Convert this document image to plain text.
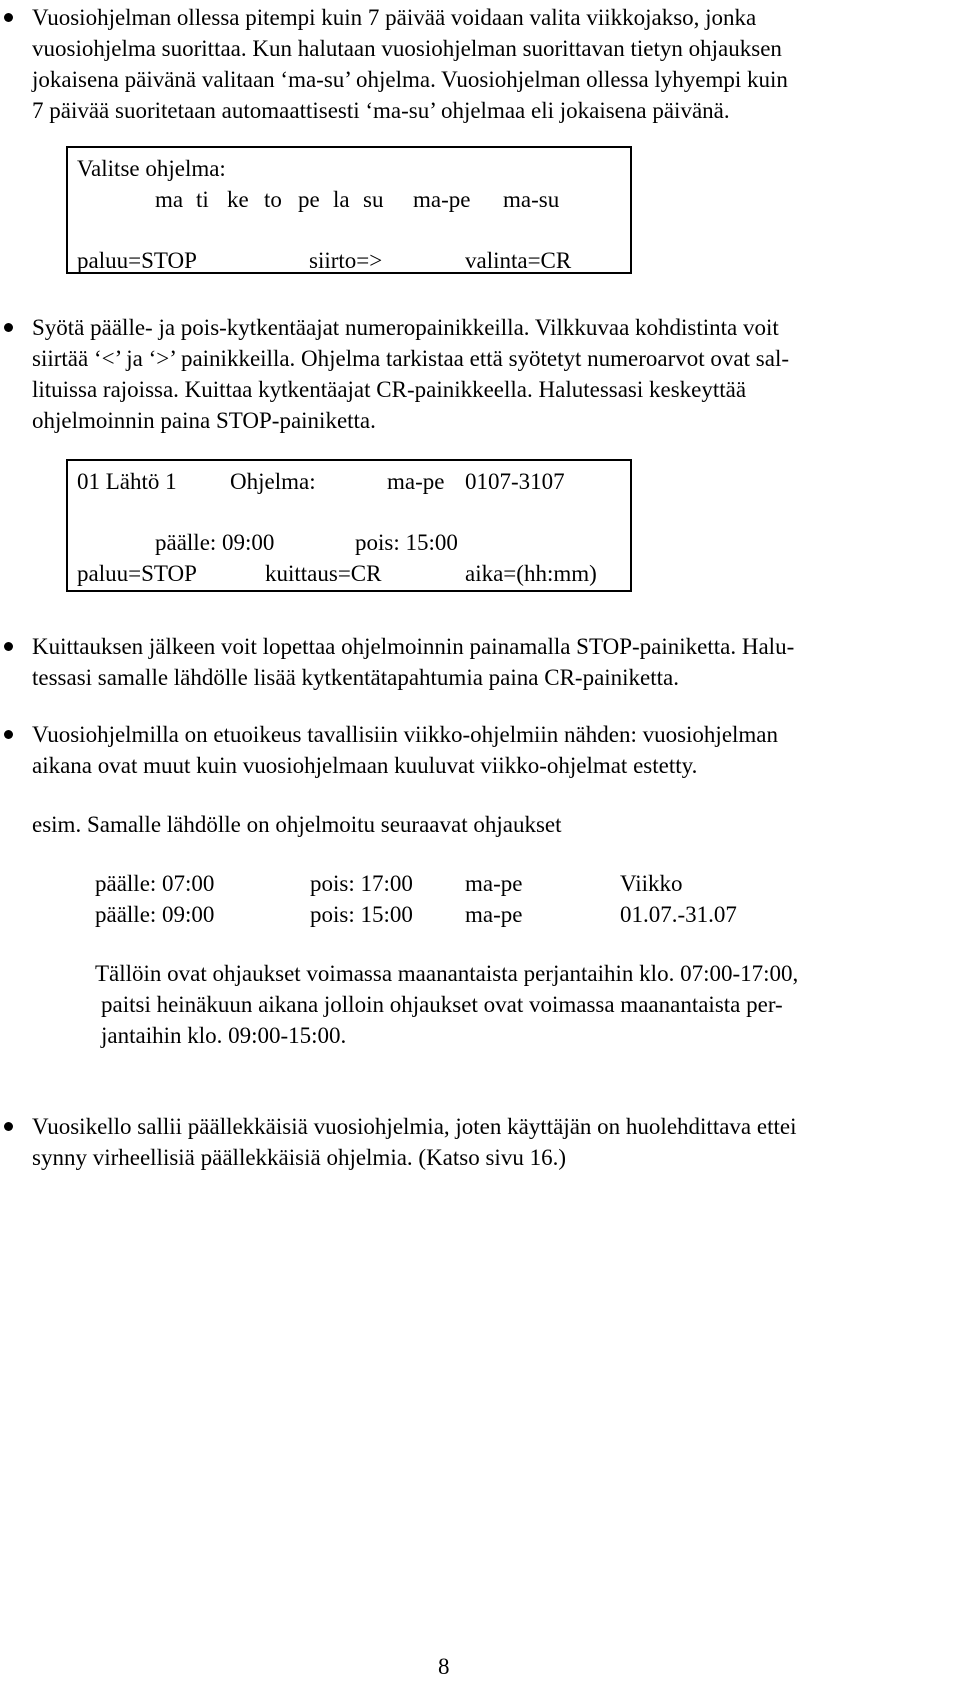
Vuosiohjelman ollessa pitempi kuin 7 päivää voidaan valita viikkojakso, jonka
vuosiohjelma suorittaa. Kun halutaan vuosiohjelman suorittavan tietyn ohjauksen
jokaisena päivänä valitaan ‘ma-su’ ohjelma. Vuosiohjelman ollessa lyhyempi kuin
7 päivää suoritetaan automaattisesti ‘ma-su’ ohjelmaa eli jokaisena päivänä.
Valitse ohjelma:
ma ti ke to pe la su ma-pe ma-su
paluu=STOP	siirto=>	valinta=CR
Syötä päälle- ja pois-kytkentäajat numeropainikkeilla. Vilkkuvaa kohdistinta voit
siirtää ‘<’ ja ‘>’ painikkeilla. Ohjelma tarkistaa että syötetyt numeroarvot ovat sal-
lituissa rajoissa. Kuittaa kytkentäajat CR-painikkeella. Halutessasi keskeyttää
ohjelmoinnin paina STOP-painiketta.
01 Lähtö 1 Ohjelma:	ma-pe 0107-3107
päälle: 09:00	pois: 15:00
paluu=STOP	kuittaus=CR	aika=(hh:mm)
Kuittauksen jälkeen voit lopettaa ohjelmoinnin painamalla STOP-painiketta. Halu-
tessasi samalle lähdölle lisää kytkentätapahtumia paina CR-painiketta.
Vuosiohjelmilla on etuoikeus tavallisiin viikko-ohjelmiin nähden: vuosiohjelman
aikana ovat muut kuin vuosiohjelmaan kuuluvat viikko-ohjelmat estetty.
esim. Samalle lähdölle on ohjelmoitu seuraavat ohjaukset
päälle: 07:00	pois: 17:00 ma-pe	Viikko
päälle: 09:00	pois: 15:00 ma-pe	01.07.-31.07
Tällöin ovat ohjaukset voimassa maanantaista perjantaihin klo. 07:00-17:00,
paitsi heinäkuun aikana jolloin ohjaukset ovat voimassa maanantaista per-
jantaihin klo. 09:00-15:00.
Vuosikello sallii päällekkäisiä vuosiohjelmia, joten käyttäjän on huolehdittava ettei
synny virheellisiä päällekkäisiä ohjelmia. (Katso sivu 16.)
8
